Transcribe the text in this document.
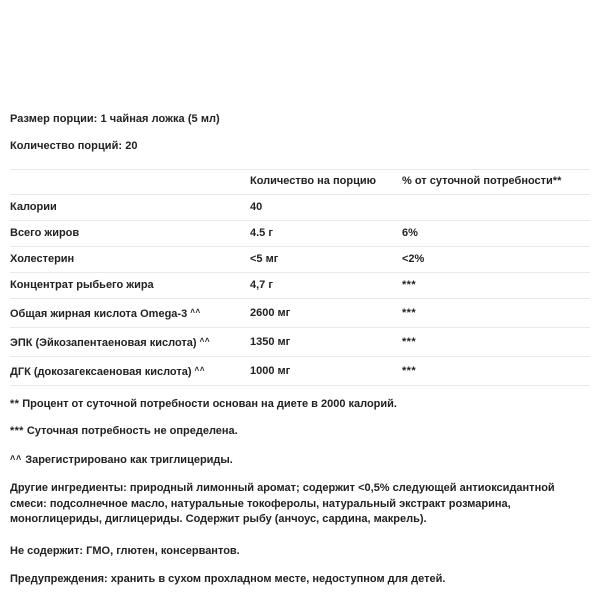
Размер порции: 1 чайная ложка (5 мл)
Количество порций: 20
	Количество на порцию	% от суточной потребности**
Калории	40	
Всего жиров	4.5 г	6%
Холестерин	<5 мг	<2%
Концентрат рыбьего жира	4,7 г	***
Общая жирная кислота Omega-3 ˄˄	2600 мг	***
ЭПК (Эйкозапентаеновая кислота) ˄˄	1350 мг	***
ДГК (докозагексаеновая кислота) ˄˄	1000 мг	***
** Процент от суточной потребности основан на диете в 2000 калорий.
*** Суточная потребность не определена.
˄˄ Зарегистрировано как триглицериды.
Другие ингредиенты: природный лимонный аромат; содержит <0,5% следующей антиоксидантной смеси: подсолнечное масло, натуральные токоферолы, натуральный экстракт розмарина, моноглицериды, диглицериды. Содержит рыбу (анчоус, сардина, макрель).
Не содержит: ГМО, глютен, консервантов.
Предупреждения: хранить в сухом прохладном месте, недоступном для детей.
